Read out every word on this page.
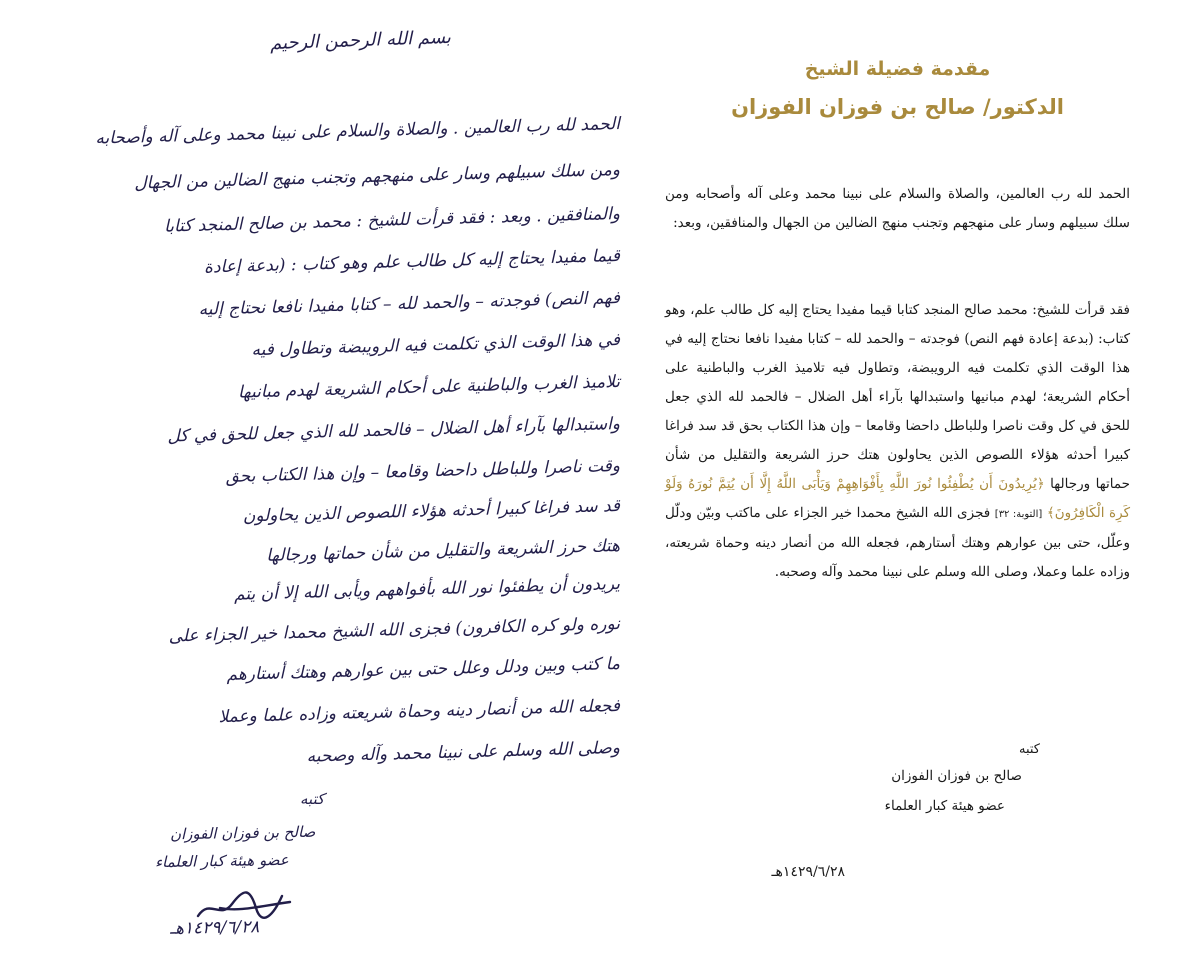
بسم الله الرحمن الرحيم
الحمد لله رب العالمين . والصلاة والسلام على نبينا محمد وعلى آله وأصحابه
ومن سلك سبيلهم وسار على منهجهم وتجنب منهج الضالين من الجهال
والمنافقين . وبعد : فقد قرأت للشيخ : محمد بن صالح المنجد كتابا
قيما مفيدا يحتاج إليه كل طالب علم وهو كتاب : (بدعة إعادة
فهم النص) فوجدته – والحمد لله – كتابا مفيدا نافعا نحتاج إليه
في هذا الوقت الذي تكلمت فيه الرويبضة وتطاول فيه
تلاميذ الغرب والباطنية على أحكام الشريعة لهدم مبانيها
واستبدالها بآراء أهل الضلال – فالحمد لله الذي جعل للحق في كل
وقت ناصرا وللباطل داحضا وقامعا – وإن هذا الكتاب بحق
قد سد فراغا كبيرا أحدثه هؤلاء اللصوص الذين يحاولون
هتك حرز الشريعة والتقليل من شأن حماتها ورجالها
يريدون أن يطفئوا نور الله بأفواههم ويأبى الله إلا أن يتم
نوره ولو كره الكافرون) فجزى الله الشيخ محمدا خير الجزاء على
ما كتب وبين ودلل وعلل حتى بين عوارهم وهتك أستارهم
فجعله الله من أنصار دينه وحماة شريعته وزاده علما وعملا
وصلى الله وسلم على نبينا محمد وآله وصحبه
كتبه
صالح بن فوزان الفوزان
عضو هيئة كبار العلماء
١٤٢٩/٦/٢٨هـ
مقدمة فضيلة الشيخ
الدكتور/ صالح بن فوزان الفوزان
الحمد لله رب العالمين، والصلاة والسلام على نبينا محمد وعلى آله وأصحابه ومن سلك سبيلهم وسار على منهجهم وتجنب منهج الضالين من الجهال والمنافقين، وبعد:
فقد قرأت للشيخ: محمد صالح المنجد كتابا قيما مفيدا يحتاج إليه كل طالب علم، وهو كتاب: (بدعة إعادة فهم النص) فوجدته – والحمد لله – كتابا مفيدا نافعا نحتاج إليه في هذا الوقت الذي تكلمت فيه الرويبضة، وتطاول فيه تلاميذ الغرب والباطنية على أحكام الشريعة؛ لهدم مبانيها واستبدالها بآراء أهل الضلال – فالحمد لله الذي جعل للحق في كل وقت ناصرا وللباطل داحضا وقامعا – وإن هذا الكتاب بحق قد سد فراغا كبيرا أحدثه هؤلاء اللصوص الذين يحاولون هتك حرز الشريعة والتقليل من شأن حماتها ورجالها ﴿يُرِيدُونَ أَن يُطْفِئُوا نُورَ اللَّهِ بِأَفْوَاهِهِمْ وَيَأْبَى اللَّهُ إِلَّا أَن يُتِمَّ نُورَهُ وَلَوْ كَرِهَ الْكَافِرُونَ﴾ [التوبة: ٣٢] فجزى الله الشيخ محمدا خير الجزاء على ماكتب وبيّن ودلّل وعلّل، حتى بين عوارهم وهتك أستارهم، فجعله الله من أنصار دينه وحماة شريعته، وزاده علما وعملا، وصلى الله وسلم على نبينا محمد وآله وصحبه.
كتبه
صالح بن فوزان الفوزان
عضو هيئة كبار العلماء
١٤٢٩/٦/٢٨هـ
